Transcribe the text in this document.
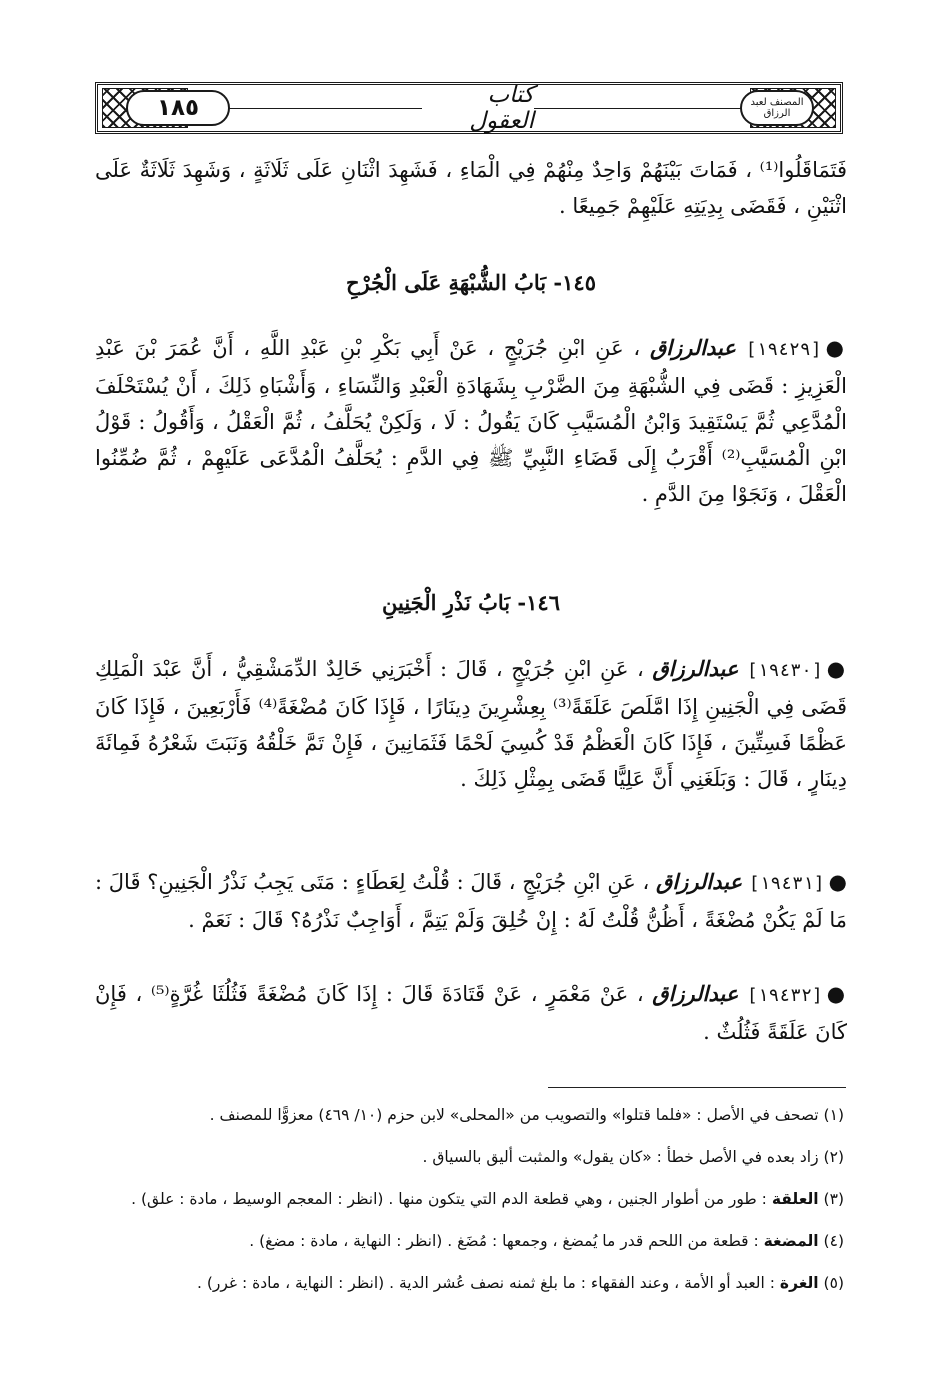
المصنف لعبد الرزاق
كتاب العقول
١٨٥

فَتَمَاقَلُوا⁽¹⁾ ، فَمَاتَ بَيْنَهُمْ وَاحِدٌ مِنْهُمْ فِي الْمَاءِ ، فَشَهِدَ اثْنَانِ عَلَى ثَلَاثَةٍ ، وَشَهِدَ ثَلَاثَةٌ عَلَى اثْنَيْنِ ، فَقَضَى بِدِيَتِهِ عَلَيْهِمْ جَمِيعًا .

١٤٥- بَابُ الشُّبْهَةِ عَلَى الْجُرْحِ

●[١٩٤٢٩] عبدالرزاق ، عَنِ ابْنِ جُرَيْجٍ ، عَنْ أَبِي بَكْرِ بْنِ عَبْدِ اللَّهِ ، أَنَّ عُمَرَ بْنَ عَبْدِ الْعَزِيزِ : قَضَى فِي الشُّبْهَةِ مِنَ الضَّرْبِ بِشَهَادَةِ الْعَبْدِ وَالنِّسَاءِ ، وَأَشْبَاهِ ذَلِكَ ، أَنْ يُسْتَحْلَفَ الْمُدَّعِي ثُمَّ يَسْتَقِيدَ وَابْنُ الْمُسَيَّبِ كَانَ يَقُولُ : لَا ، وَلَكِنْ يُحَلَّفُ ، ثُمَّ الْعَقْلُ ، وَأَقُولُ : قَوْلُ ابْنِ الْمُسَيَّبِ⁽²⁾ أَقْرَبُ إِلَى قَضَاءِ النَّبِيِّ ﷺ فِي الدَّمِ : يُحَلَّفُ الْمُدَّعَى عَلَيْهِمْ ، ثُمَّ ضُمِّنُوا الْعَقْلَ ، وَنَجَوْا مِنَ الدَّمِ .

١٤٦- بَابُ نَذْرِ الْجَنِينِ

●[١٩٤٣٠] عبدالرزاق ، عَنِ ابْنِ جُرَيْجٍ ، قَالَ : أَخْبَرَنِي خَالِدٌ الدِّمَشْقِيُّ ، أَنَّ عَبْدَ الْمَلِكِ قَضَى فِي الْجَنِينِ إِذَا امَّلَصَ عَلَقَةً⁽³⁾ بِعِشْرِينَ دِينَارًا ، فَإِذَا كَانَ مُضْغَةً⁽⁴⁾ فَأَرْبَعِينَ ، فَإِذَا كَانَ عَظْمًا فَسِتِّينَ ، فَإِذَا كَانَ الْعَظْمُ قَدْ كُسِيَ لَحْمًا فَثَمَانِينَ ، فَإِنْ تَمَّ خَلْقُهُ وَنَبَتَ شَعْرُهُ فَمِائَةَ دِينَارٍ ، قَالَ : وَبَلَغَنِي أَنَّ عَلِيًّا قَضَى بِمِثْلِ ذَلِكَ .

●[١٩٤٣١] عبدالرزاق ، عَنِ ابْنِ جُرَيْجٍ ، قَالَ : قُلْتُ لِعَطَاءٍ : مَتَى يَجِبُ نَذْرُ الْجَنِينِ؟ قَالَ : مَا لَمْ يَكُنْ مُضْغَةً ، أَظُنُّ قُلْتُ لَهُ : إِنْ خُلِقَ وَلَمْ يَتِمَّ ، أَوَاجِبٌ نَذْرُهُ؟ قَالَ : نَعَمْ .

●[١٩٤٣٢] عبدالرزاق ، عَنْ مَعْمَرٍ ، عَنْ قَتَادَةَ قَالَ : إِذَا كَانَ مُضْغَةً فَثُلُثَا غُرَّةٍ⁽⁵⁾ ، فَإِنْ كَانَ عَلَقَةً فَثُلُثٌ .

(١) تصحف في الأصل : «فلما قتلوا» والتصويب من «المحلى» لابن حزم (١٠/ ٤٦٩) معزوًّا للمصنف .
(٢) زاد بعده في الأصل خطأ : «كان يقول» والمثبت أليق بالسياق .
(٣) العلقة : طور من أطوار الجنين ، وهي قطعة الدم التي يتكون منها . (انظر : المعجم الوسيط ، مادة : علق) .
(٤) المضغة : قطعة من اللحم قدر ما يُمضغ ، وجمعها : مُضَغ . (انظر : النهاية ، مادة : مضغ) .
(٥) الغرة : العبد أو الأمة ، وعند الفقهاء : ما بلغ ثمنه نصف عُشر الدية . (انظر : النهاية ، مادة : غرر) .
